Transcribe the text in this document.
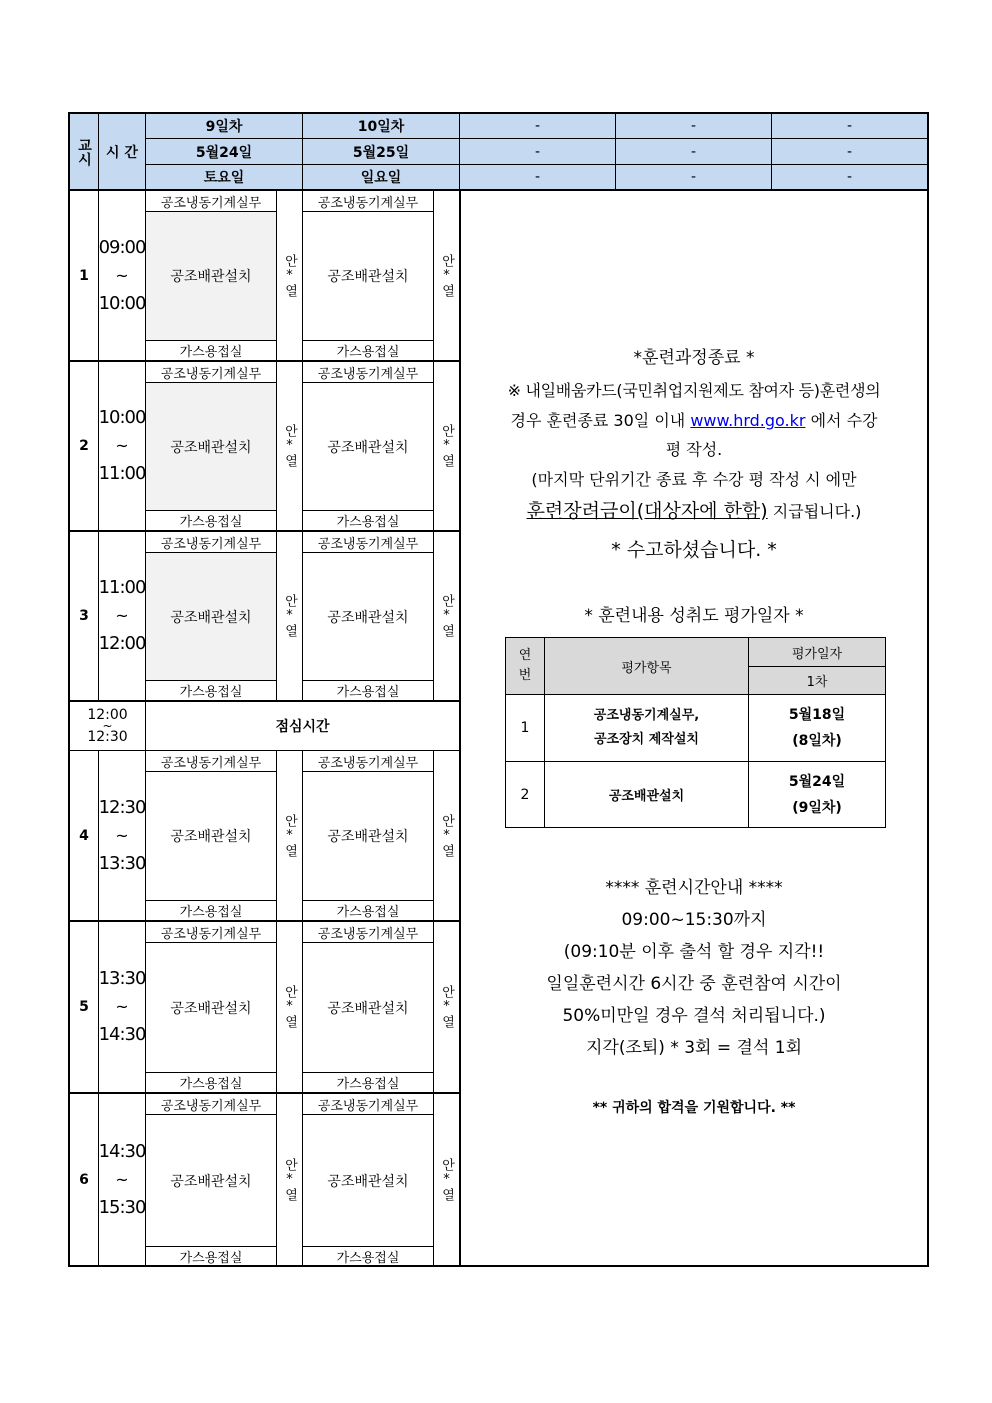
교시 시 간
9일차
5월24일
토요일
10일차
5월25일
일요일
-
-
-
-
-
-
-
-
-
1
09:00
~
10:00
공조냉동기계실무
공조배관설치
가스용접실
안*열
공조냉동기계실무
공조배관설치
가스용접실
안*열
2
10:00
~
11:00
공조냉동기계실무
공조배관설치
가스용접실
안*열
공조냉동기계실무
공조배관설치
가스용접실
안*열
3
11:00
~
12:00
공조냉동기계실무
공조배관설치
가스용접실
안*열
공조냉동기계실무
공조배관설치
가스용접실
안*열
4
12:30
~
13:30
공조냉동기계실무
공조배관설치
가스용접실
안*열
공조냉동기계실무
공조배관설치
가스용접실
안*열
5
13:30
~
14:30
공조냉동기계실무
공조배관설치
가스용접실
안*열
공조냉동기계실무
공조배관설치
가스용접실
안*열
6
14:30
~
15:30
공조냉동기계실무
공조배관설치
가스용접실
안*열
공조냉동기계실무
공조배관설치
가스용접실
안*열
12:00
~
12:30
점심시간
*훈련과정종료 *
※ 내일배움카드(국민취업지원제도 참여자 등)훈련생의
경우 훈련종료 30일 이내 www.hrd.go.kr 에서 수강
평 작성.
(마지막 단위기간 종료 후 수강 평 작성 시 에만
훈련장려금이(대상자에 한함) 지급됩니다.)
* 수고하셨습니다. *
* 훈련내용 성취도 평가일자 *
연번	평가항목
평가일자
1차
1
공조냉동기계실무,
공조장치 제작설치
5월18일
(8일차)
2	공조배관설치
5월24일
(9일차)
**** 훈련시간안내 ****
09:00~15:30까지
(09:10분 이후 출석 할 경우 지각!!
일일훈련시간 6시간 중 훈련참여 시간이
50%미만일 경우 결석 처리됩니다.)
지각(조퇴) * 3회 = 결석 1회
** 귀하의 합격을 기원합니다. **
